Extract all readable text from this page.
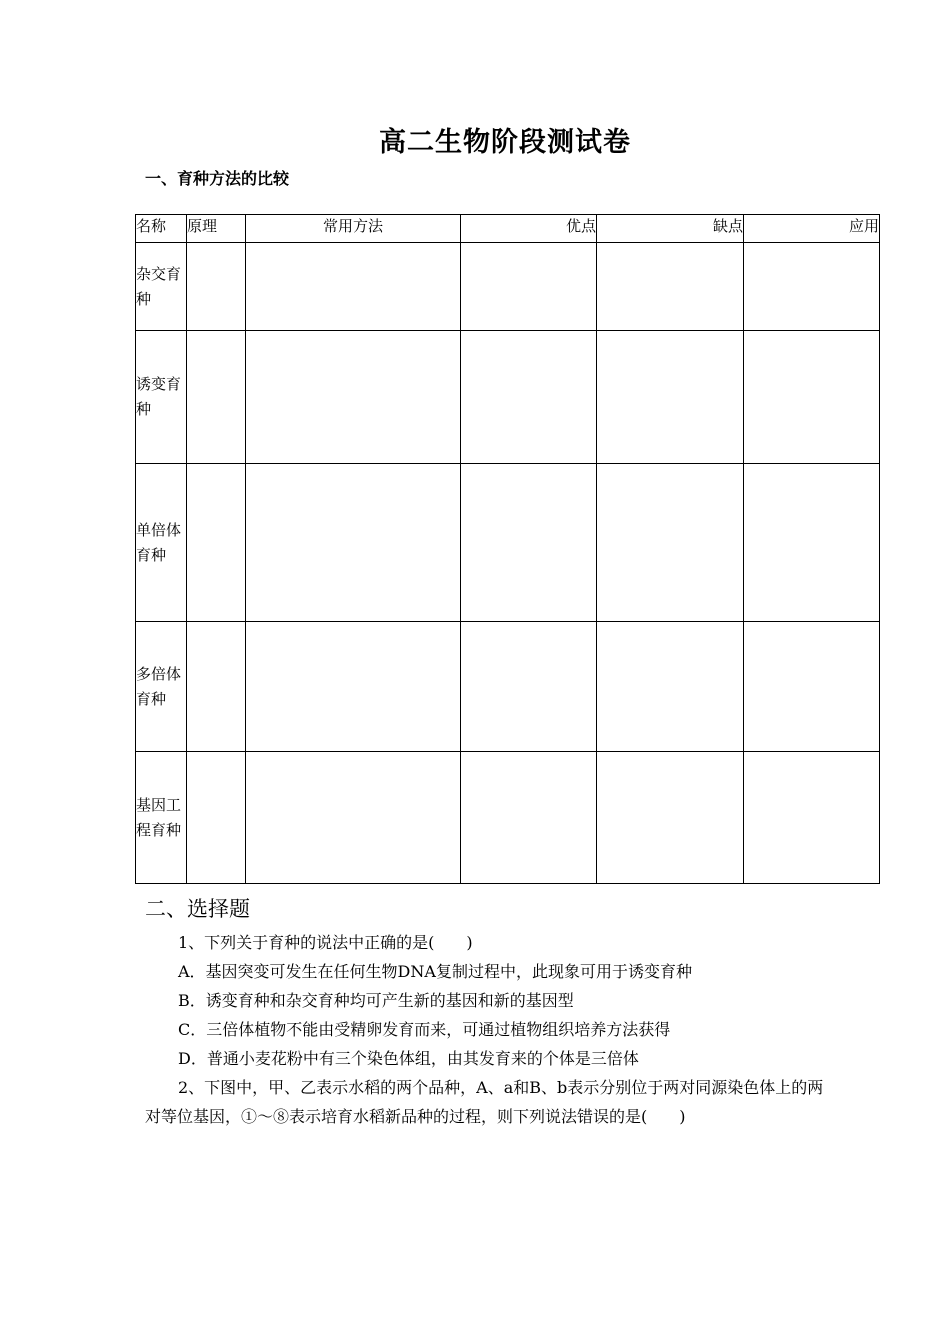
高二生物阶段测试卷
一、育种方法的比较
名称	原理	常用方法	优点	缺点	应用
杂交育种					
诱变育种					
单倍体育种					
多倍体育种					
基因工程育种					
二、选择题
1、下列关于育种的说法中正确的是(　　)
A．基因突变可发生在任何生物DNA复制过程中，此现象可用于诱变育种
B．诱变育种和杂交育种均可产生新的基因和新的基因型
C．三倍体植物不能由受精卵发育而来，可通过植物组织培养方法获得
D．普通小麦花粉中有三个染色体组，由其发育来的个体是三倍体
2、下图中，甲、乙表示水稻的两个品种，A、a和B、b表示分别位于两对同源染色体上的两对等位基因，①～⑧表示培育水稻新品种的过程，则下列说法错误的是(　　)
